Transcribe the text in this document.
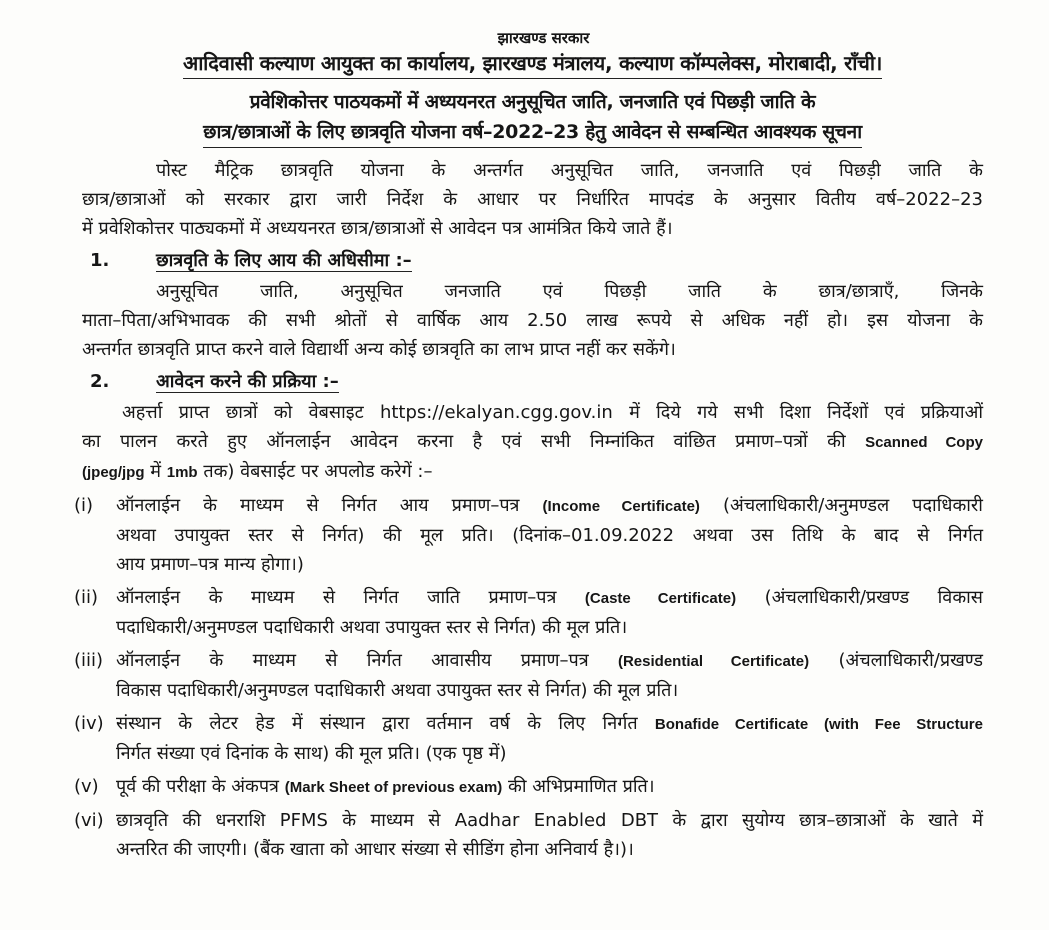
झारखण्ड सरकार

आदिवासी कल्याण आयुक्त का कार्यालय, झारखण्ड मंत्रालय, कल्याण कॉम्पलेक्स, मोराबादी, राँची।

प्रवेशिकोत्तर पाठयकमों में अध्ययनरत अनुसूचित जाति, जनजाति एवं पिछड़ी जाति के

छात्र/छात्राओं के लिए छात्रवृति योजना वर्ष–2022–23 हेतु आवेदन से सम्बन्धित आवश्यक सूचना

पोस्ट मैट्रिक छात्रवृति योजना के अन्तर्गत अनुसूचित जाति, जनजाति एवं पिछड़ी जाति के

छात्र/छात्राओं को सरकार द्वारा जारी निर्देश के आधार पर निर्धारित मापदंड के अनुसार वितीय वर्ष–2022–23

में प्रवेशिकोत्तर पाठ्यकमों में अध्ययनरत छात्र/छात्राओं से आवेदन पत्र आमंत्रित किये जाते हैं।

1.	छात्रवृति के लिए आय की अधिसीमा :–

अनुसूचित जाति, अनुसूचित जनजाति एवं पिछड़ी जाति के छात्र/छात्राएँ, जिनके

माता–पिता/अभिभावक की सभी श्रोतों से वार्षिक आय 2.50 लाख रूपये से अधिक नहीं हो। इस योजना के

अन्तर्गत छात्रवृति प्राप्त करने वाले विद्यार्थी अन्य कोई छात्रवृति का लाभ प्राप्त नहीं कर सकेंगे।

2.	आवेदन करने की प्रक्रिया :–

अहर्त्ता प्राप्त छात्रों को वेबसाइट https://ekalyan.cgg.gov.in में दिये गये सभी दिशा निर्देशों एवं प्रक्रियाओं

का पालन करते हुए ऑनलाईन आवेदन करना है एवं सभी निम्नांकित वांछित प्रमाण–पत्रों की Scanned Copy

(jpeg/jpg में 1mb तक) वेबसाईट पर अपलोड करेगें :–

(i) ऑनलाईन के माध्यम से निर्गत आय प्रमाण–पत्र (Income Certificate) (अंचलाधिकारी/अनुमण्डल पदाधिकारी

अथवा उपायुक्त स्तर से निर्गत) की मूल प्रति। (दिनांक–01.09.2022 अथवा उस तिथि के बाद से निर्गत

आय प्रमाण–पत्र मान्य होगा।)

(ii) ऑनलाईन के माध्यम से निर्गत जाति प्रमाण–पत्र (Caste Certificate) (अंचलाधिकारी/प्रखण्ड विकास

पदाधिकारी/अनुमण्डल पदाधिकारी अथवा उपायुक्त स्तर से निर्गत) की मूल प्रति।

(iii) ऑनलाईन के माध्यम से निर्गत आवासीय प्रमाण–पत्र (Residential Certificate) (अंचलाधिकारी/प्रखण्ड

विकास पदाधिकारी/अनुमण्डल पदाधिकारी अथवा उपायुक्त स्तर से निर्गत) की मूल प्रति।

(iv) संस्थान के लेटर हेड में संस्थान द्वारा वर्तमान वर्ष के लिए निर्गत Bonafide Certificate (with Fee Structure

निर्गत संख्या एवं दिनांक के साथ) की मूल प्रति। (एक पृष्ठ में)

(v) पूर्व की परीक्षा के अंकपत्र (Mark Sheet of previous exam) की अभिप्रमाणित प्रति।

(vi) छात्रवृति की धनराशि PFMS के माध्यम से Aadhar Enabled DBT के द्वारा सुयोग्य छात्र–छात्राओं के खाते में

अन्तरित की जाएगी। (बैंक खाता को आधार संख्या से सीडिंग होना अनिवार्य है।)।
